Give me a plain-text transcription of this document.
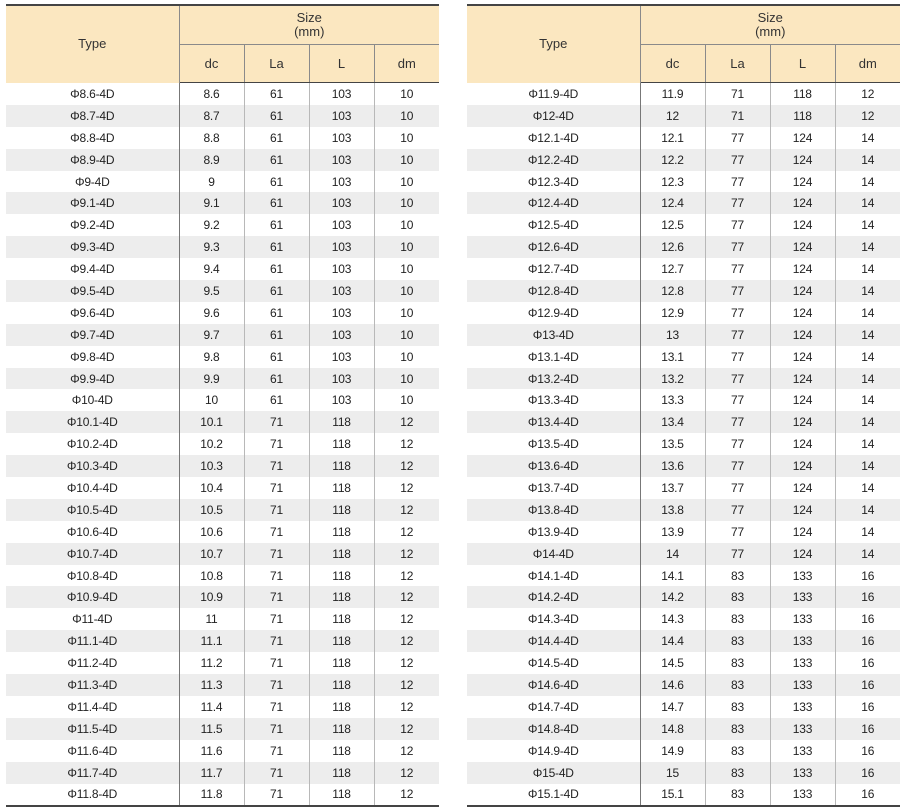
Type	Size
(mm)			
	dc	La	L	dm
Φ8.6-4D	8.6	61	103	10
Φ8.7-4D	8.7	61	103	10
Φ8.8-4D	8.8	61	103	10
Φ8.9-4D	8.9	61	103	10
Φ9-4D	9	61	103	10
Φ9.1-4D	9.1	61	103	10
Φ9.2-4D	9.2	61	103	10
Φ9.3-4D	9.3	61	103	10
Φ9.4-4D	9.4	61	103	10
Φ9.5-4D	9.5	61	103	10
Φ9.6-4D	9.6	61	103	10
Φ9.7-4D	9.7	61	103	10
Φ9.8-4D	9.8	61	103	10
Φ9.9-4D	9.9	61	103	10
Φ10-4D	10	61	103	10
Φ10.1-4D	10.1	71	118	12
Φ10.2-4D	10.2	71	118	12
Φ10.3-4D	10.3	71	118	12
Φ10.4-4D	10.4	71	118	12
Φ10.5-4D	10.5	71	118	12
Φ10.6-4D	10.6	71	118	12
Φ10.7-4D	10.7	71	118	12
Φ10.8-4D	10.8	71	118	12
Φ10.9-4D	10.9	71	118	12
Φ11-4D	11	71	118	12
Φ11.1-4D	11.1	71	118	12
Φ11.2-4D	11.2	71	118	12
Φ11.3-4D	11.3	71	118	12
Φ11.4-4D	11.4	71	118	12
Φ11.5-4D	11.5	71	118	12
Φ11.6-4D	11.6	71	118	12
Φ11.7-4D	11.7	71	118	12
Φ11.8-4D	11.8	71	118	12
Type	Size
(mm)			
	dc	La	L	dm
Φ11.9-4D	11.9	71	118	12
Φ12-4D	12	71	118	12
Φ12.1-4D	12.1	77	124	14
Φ12.2-4D	12.2	77	124	14
Φ12.3-4D	12.3	77	124	14
Φ12.4-4D	12.4	77	124	14
Φ12.5-4D	12.5	77	124	14
Φ12.6-4D	12.6	77	124	14
Φ12.7-4D	12.7	77	124	14
Φ12.8-4D	12.8	77	124	14
Φ12.9-4D	12.9	77	124	14
Φ13-4D	13	77	124	14
Φ13.1-4D	13.1	77	124	14
Φ13.2-4D	13.2	77	124	14
Φ13.3-4D	13.3	77	124	14
Φ13.4-4D	13.4	77	124	14
Φ13.5-4D	13.5	77	124	14
Φ13.6-4D	13.6	77	124	14
Φ13.7-4D	13.7	77	124	14
Φ13.8-4D	13.8	77	124	14
Φ13.9-4D	13.9	77	124	14
Φ14-4D	14	77	124	14
Φ14.1-4D	14.1	83	133	16
Φ14.2-4D	14.2	83	133	16
Φ14.3-4D	14.3	83	133	16
Φ14.4-4D	14.4	83	133	16
Φ14.5-4D	14.5	83	133	16
Φ14.6-4D	14.6	83	133	16
Φ14.7-4D	14.7	83	133	16
Φ14.8-4D	14.8	83	133	16
Φ14.9-4D	14.9	83	133	16
Φ15-4D	15	83	133	16
Φ15.1-4D	15.1	83	133	16
